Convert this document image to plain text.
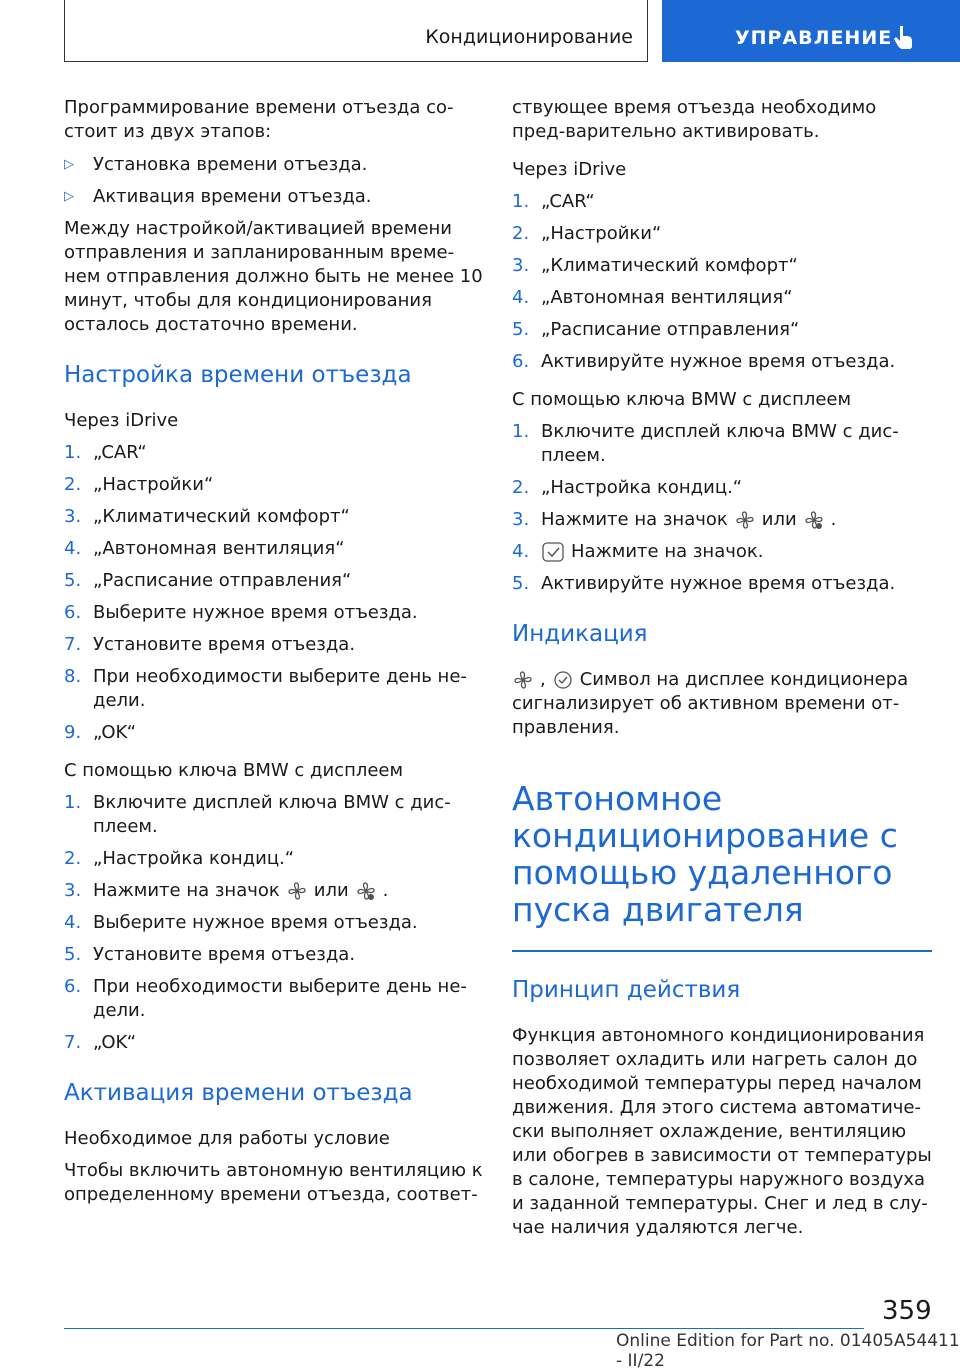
Кондиционирование	УПРАВЛЕНИЕ

Программирование времени отъезда со-стоит из двух этапов:

▷ Установка времени отъезда.
▷ Активация времени отъезда.

Между настройкой/активацией времени отправления и запланированным време-нем отправления должно быть не менее 10 минут, чтобы для кондиционирования осталось достаточно времени.

Настройка времени отъезда
Через iDrive
1. „CAR“
2. „Настройки“
3. „Климатический комфорт“
4. „Автономная вентиляция“
5. „Расписание отправления“
6. Выберите нужное время отъезда.
7. Установите время отъезда.
8. При необходимости выберите день не-дели.
9. „OK“
С помощью ключа BMW с дисплеем
1. Включите дисплей ключа BMW с дис-плеем.
2. „Настройка кондиц.“
3. Нажмите на значок или .
4. Выберите нужное время отъезда.
5. Установите время отъезда.
6. При необходимости выберите день не-дели.
7. „OK“
Активация времени отъезда
Необходимое для работы условие

Чтобы включить автономную вентиляцию к определенному времени отъезда, соответ-

ствующее время отъезда необходимо пред-варительно активировать.

Через iDrive
1. „CAR“
2. „Настройки“
3. „Климатический комфорт“
4. „Автономная вентиляция“
5. „Расписание отправления“
6. Активируйте нужное время отъезда.
С помощью ключа BMW с дисплеем
1. Включите дисплей ключа BMW с дис-плеем.
2. „Настройка кондиц.“
3. Нажмите на значок или .
4. Нажмите на значок.
5. Активируйте нужное время отъезда.
Индикация

, Символ на дисплее кондиционера сигнализирует об активном времени от-правления.

Автономное кондиционирование с помощью удаленного пуска двигателя
Принцип действия

Функция автономного кондиционирования позволяет охладить или нагреть салон до необходимой температуры перед началом движения. Для этого система автоматиче-ски выполняет охлаждение, вентиляцию или обогрев в зависимости от температуры в салоне, температуры наружного воздуха и заданной температуры. Снег и лед в слу-чае наличия удаляются легче.

359
Online Edition for Part no. 01405A54411 - II/22
